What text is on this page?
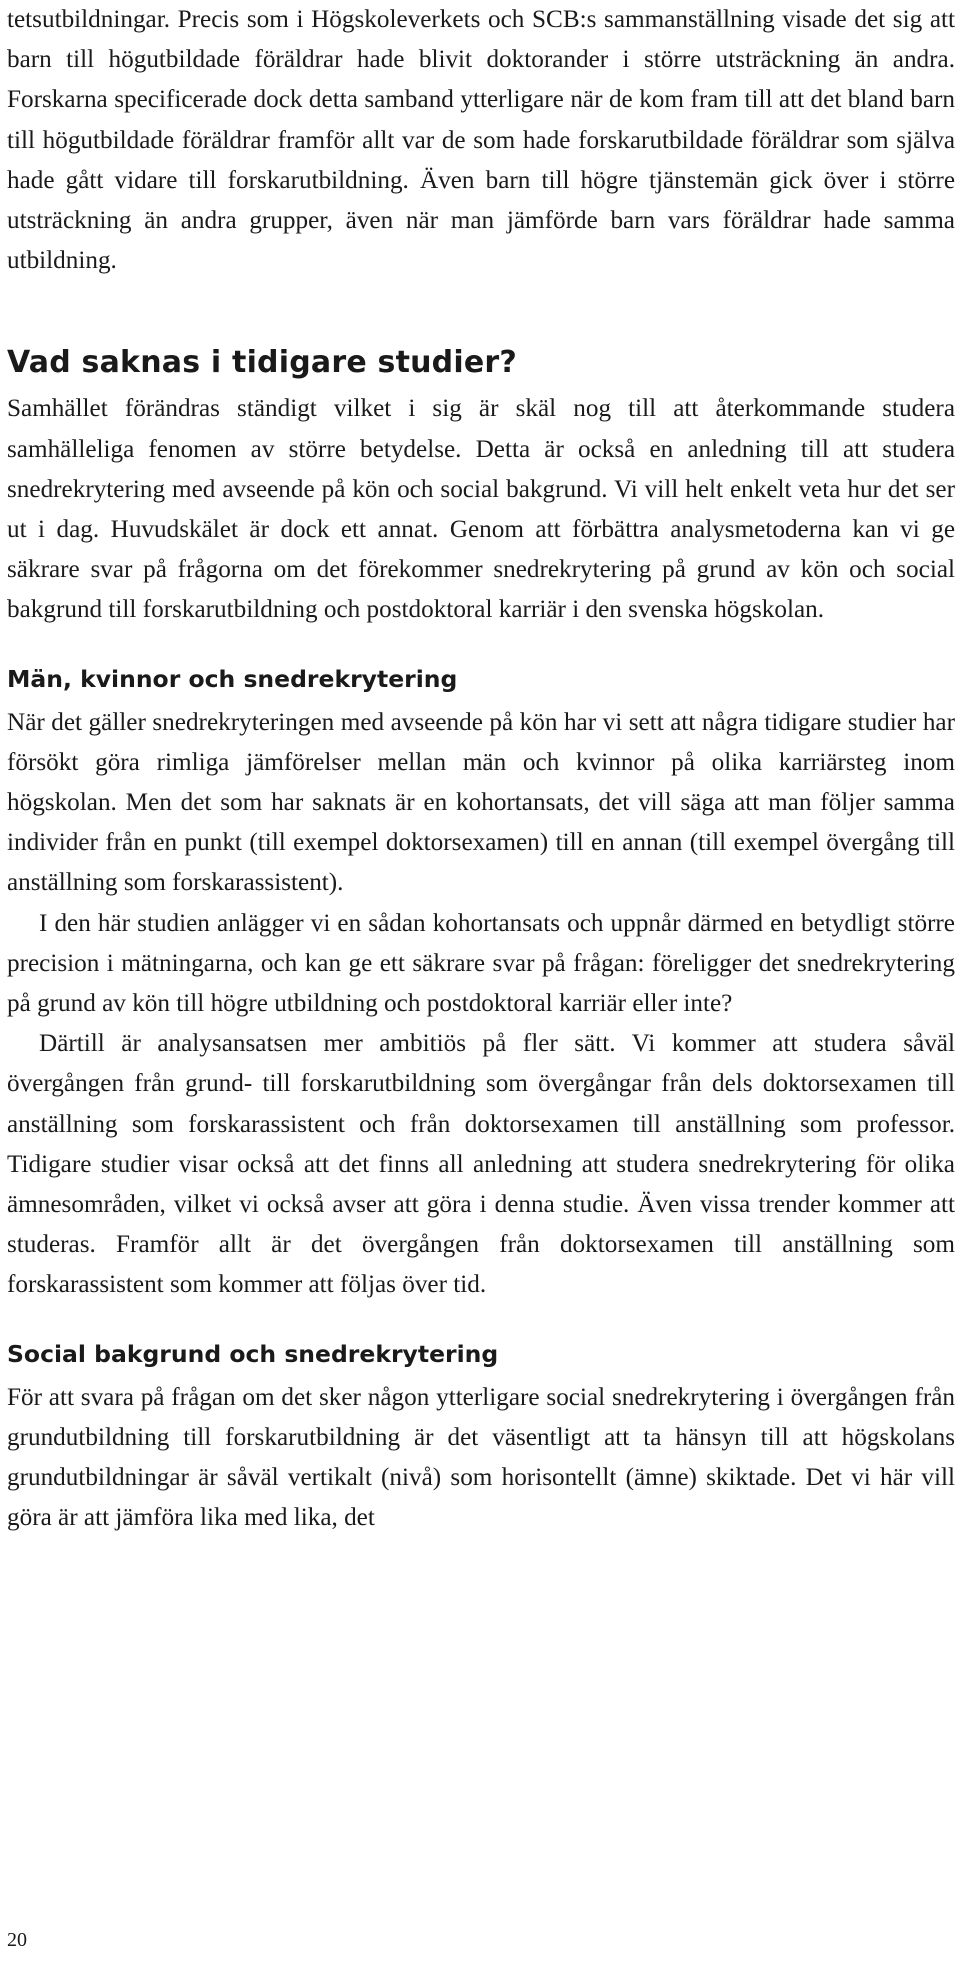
tetsutbildningar. Precis som i Högskoleverkets och SCB:s sammanställning visade det sig att barn till högutbildade föräldrar hade blivit doktorander i större utsträckning än andra. Forskarna specificerade dock detta samband ytterligare när de kom fram till att det bland barn till högutbildade föräldrar framför allt var de som hade forskarutbildade föräldrar som själva hade gått vidare till forskarutbildning. Även barn till högre tjänstemän gick över i större utsträckning än andra grupper, även när man jämförde barn vars föräldrar hade samma utbildning.

Vad saknas i tidigare studier?

Samhället förändras ständigt vilket i sig är skäl nog till att återkommande studera samhälleliga fenomen av större betydelse. Detta är också en anledning till att studera snedrekrytering med avseende på kön och social bakgrund. Vi vill helt enkelt veta hur det ser ut i dag. Huvudskälet är dock ett annat. Genom att förbättra analysmetoderna kan vi ge säkrare svar på frågorna om det förekommer snedrekrytering på grund av kön och social bakgrund till forskarutbildning och postdoktoral karriär i den svenska högskolan.

Män, kvinnor och snedrekrytering

När det gäller snedrekryteringen med avseende på kön har vi sett att några tidigare studier har försökt göra rimliga jämförelser mellan män och kvinnor på olika karriärsteg inom högskolan. Men det som har saknats är en kohortansats, det vill säga att man följer samma individer från en punkt (till exempel doktorsexamen) till en annan (till exempel övergång till anställning som forskarassistent).

I den här studien anlägger vi en sådan kohortansats och uppnår därmed en betydligt större precision i mätningarna, och kan ge ett säkrare svar på frågan: föreligger det snedrekrytering på grund av kön till högre utbildning och postdoktoral karriär eller inte?

Därtill är analysansatsen mer ambitiös på fler sätt. Vi kommer att studera såväl övergången från grund- till forskarutbildning som övergångar från dels doktorsexamen till anställning som forskarassistent och från doktorsexamen till anställning som professor. Tidigare studier visar också att det finns all anledning att studera snedrekrytering för olika ämnesområden, vilket vi också avser att göra i denna studie. Även vissa trender kommer att studeras. Framför allt är det övergången från doktorsexamen till anställning som forskarassistent som kommer att följas över tid.

Social bakgrund och snedrekrytering

För att svara på frågan om det sker någon ytterligare social snedrekrytering i övergången från grundutbildning till forskarutbildning är det väsentligt att ta hänsyn till att högskolans grundutbildningar är såväl vertikalt (nivå) som horisontellt (ämne) skiktade. Det vi här vill göra är att jämföra lika med lika, det

20
